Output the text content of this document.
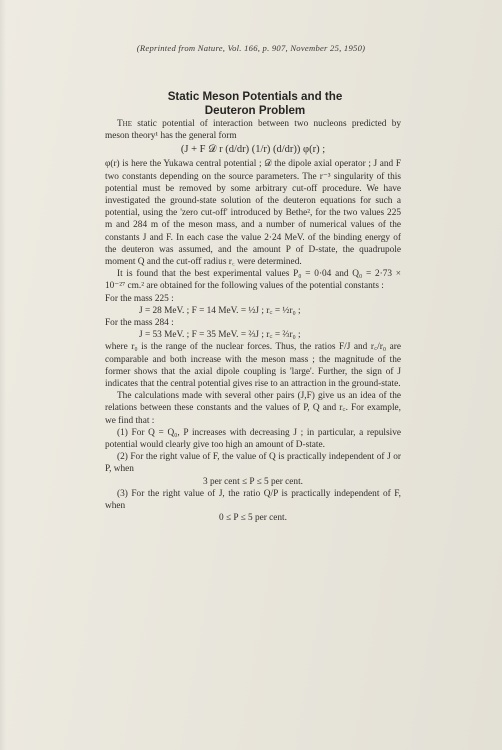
(Reprinted from Nature, Vol. 166, p. 907, November 25, 1950)
Static Meson Potentials and the
Deuteron Problem

The static potential of interaction between two nucleons predicted by meson theory¹ has the general form

(J + F 𝒟 r (d/dr) (1/r) (d/dr)) φ(r) ;

φ(r) is here the Yukawa central potential ; 𝒟 the dipole axial operator ; J and F two constants depending on the source parameters. The r⁻³ singularity of this potential must be removed by some arbitrary cut-off procedure. We have investigated the ground-state solution of the deuteron equations for such a potential, using the 'zero cut-off' introduced by Bethe², for the two values 225 m and 284 m of the meson mass, and a number of numerical values of the constants J and F. In each case the value 2·24 MeV. of the binding energy of the deuteron was assumed, and the amount P of D-state, the quadrupole moment Q and the cut-off radius r꜀ were determined.

It is found that the best experimental values P₀ = 0·04 and Q₀ = 2·73 × 10⁻²⁷ cm.² are obtained for the following values of the potential constants :

For the mass 225 :

J = 28 MeV. ; F = 14 MeV. = ½J ; r꜀ = ½r₀ ;

For the mass 284 :

J = 53 MeV. ; F = 35 MeV. = ⅔J ; r꜀ = ⅔r₀ ;

where r₀ is the range of the nuclear forces. Thus, the ratios F/J and r꜀/r₀ are comparable and both increase with the meson mass ; the magnitude of the former shows that the axial dipole coupling is 'large'. Further, the sign of J indicates that the central potential gives rise to an attraction in the ground-state.

The calculations made with several other pairs (J,F) give us an idea of the relations between these constants and the values of P, Q and r꜀. For example, we find that :

(1) For Q = Q₀, P increases with decreasing J ; in particular, a repulsive potential would clearly give too high an amount of D-state.

(2) For the right value of F, the value of Q is practically independent of J or P, when

3 per cent ≤ P ≤ 5 per cent.

(3) For the right value of J, the ratio Q/P is practically independent of F, when

0 ≤ P ≤ 5 per cent.
